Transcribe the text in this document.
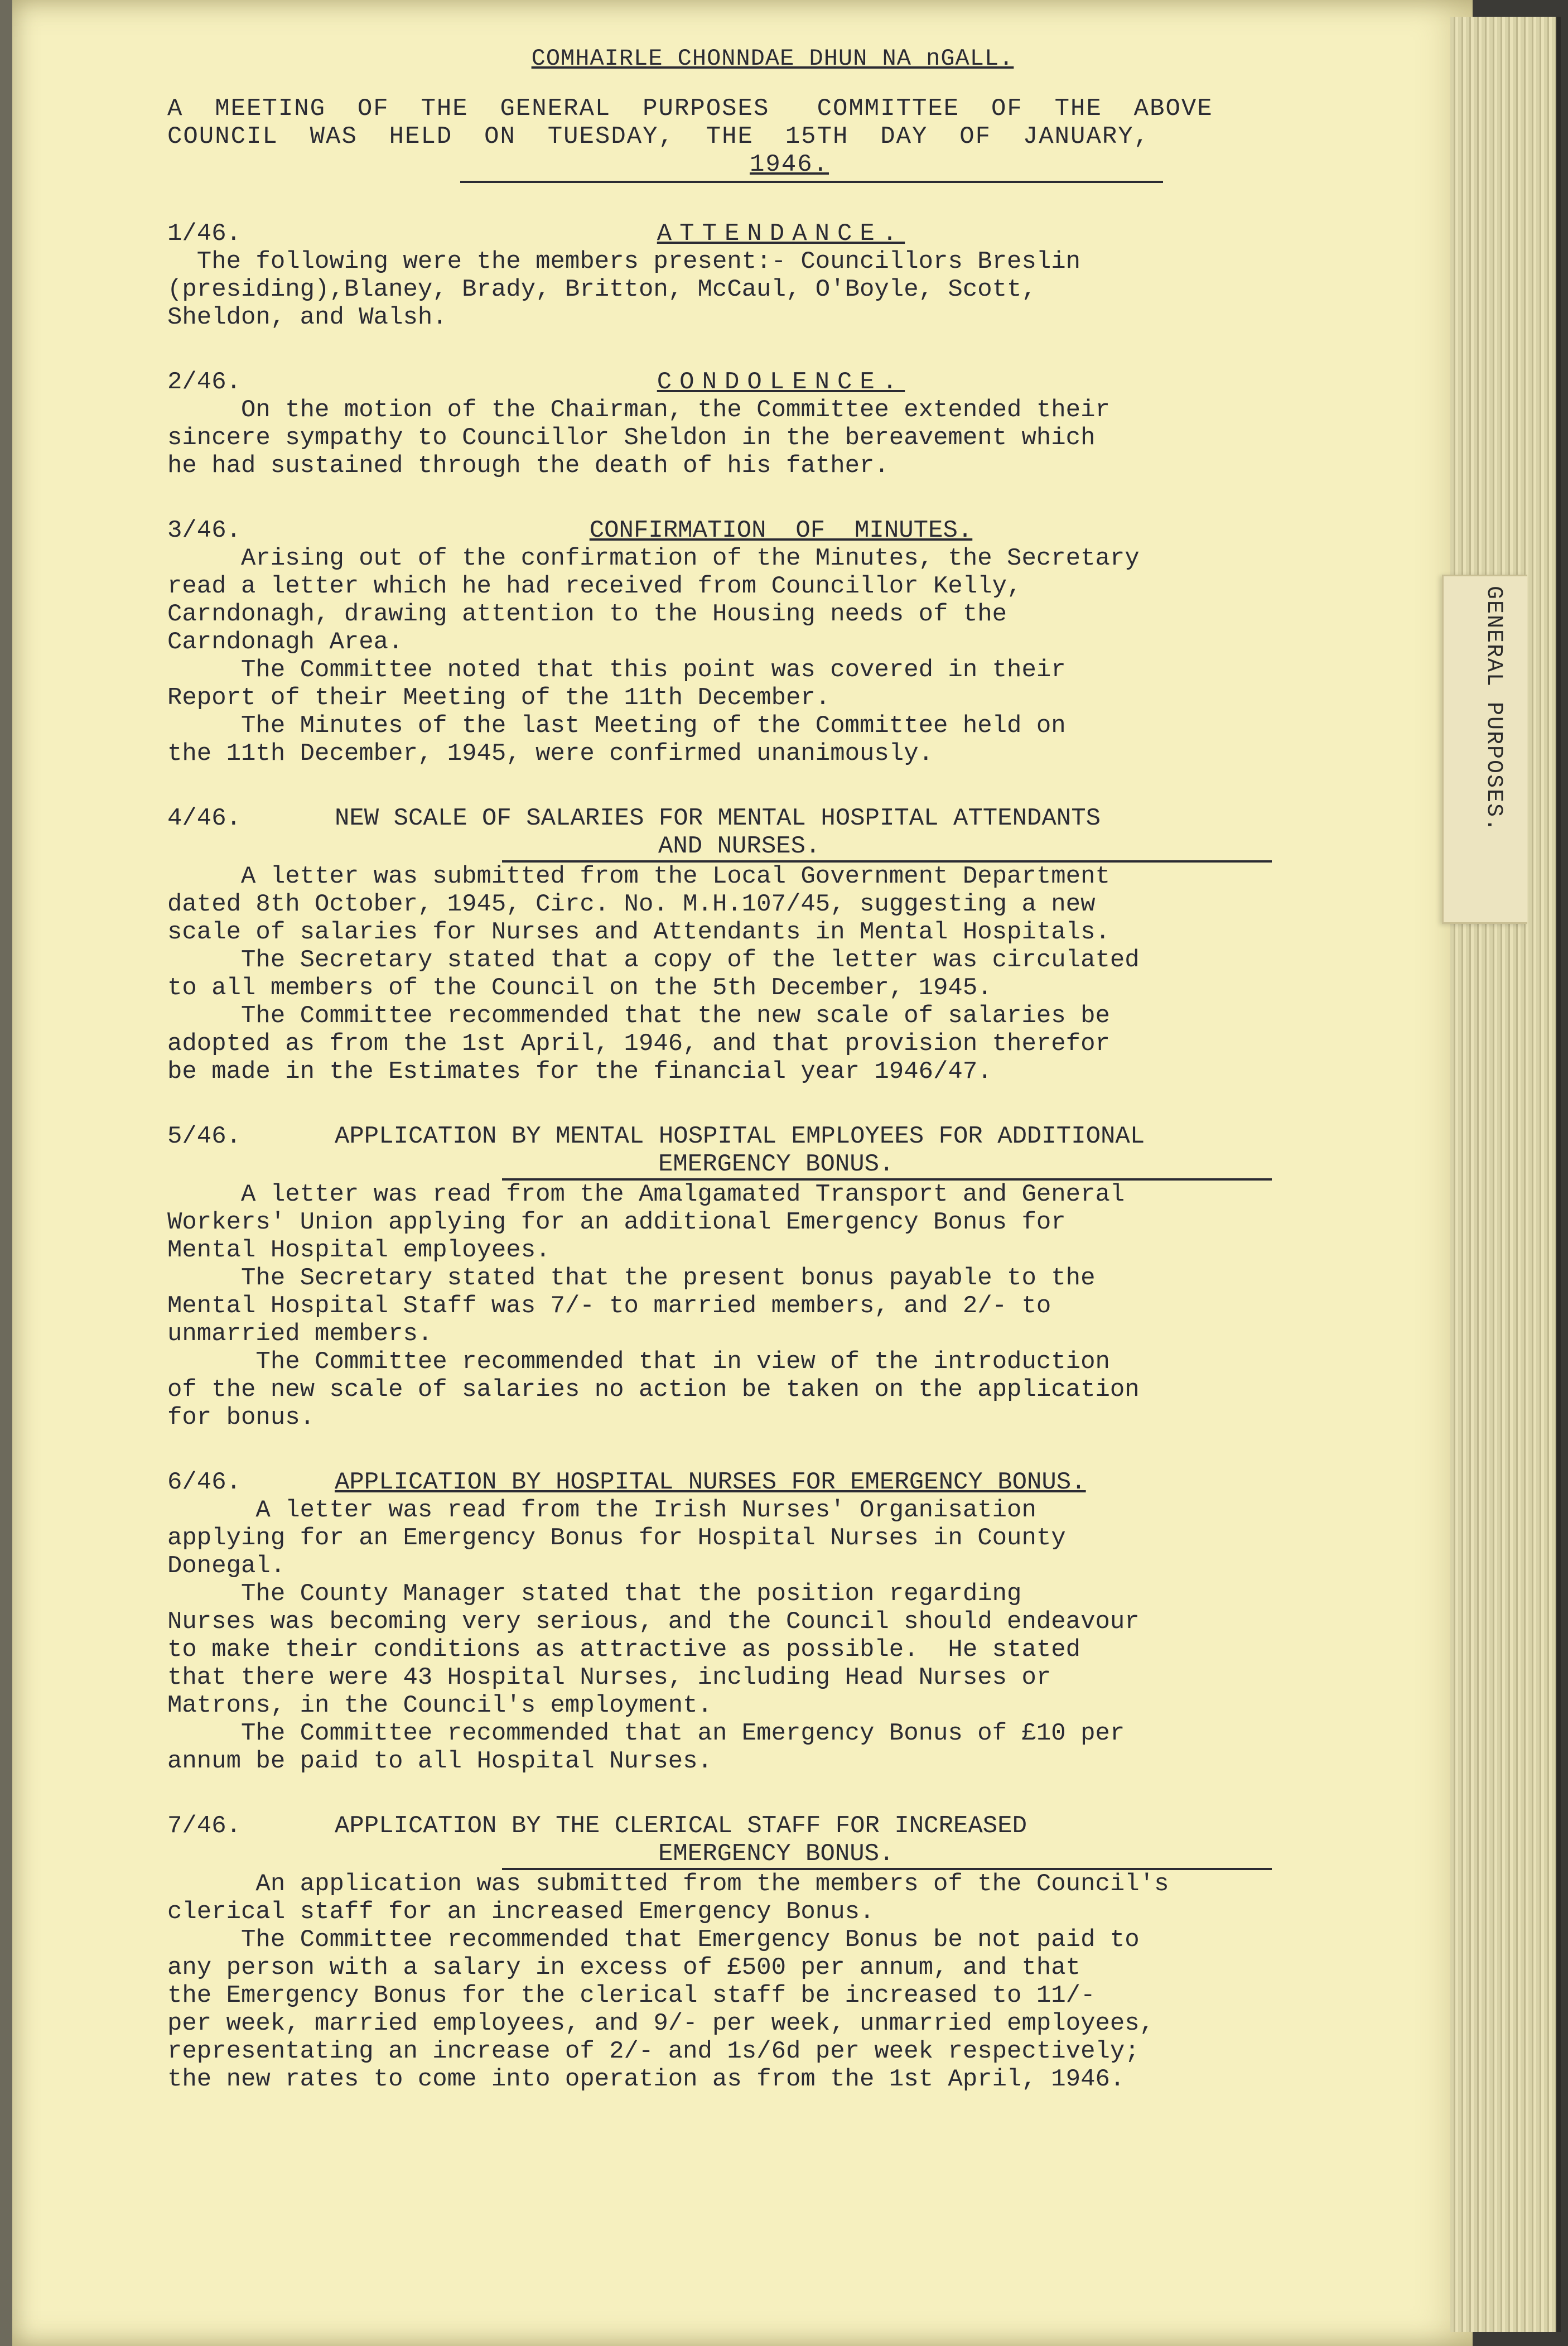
GENERAL PURPOSES.
COMHAIRLE CHONNDAE DHUN NA nGALL.
A  MEETING  OF  THE  GENERAL  PURPOSES   COMMITTEE  OF  THE  ABOVE
COUNCIL  WAS  HELD  ON  TUESDAY,  THE  15TH  DAY  OF  JANUARY,
1946.
1/46.	ATTENDANCE.

The following were the members present:- Councillors Breslin

(presiding),Blaney, Brady, Britton, McCaul, O'Boyle, Scott,

Sheldon, and Walsh.

2/46.	CONDOLENCE.

On the motion of the Chairman, the Committee extended their

sincere sympathy to Councillor Sheldon in the bereavement which

he had sustained through the death of his father.

3/46.	CONFIRMATION  OF  MINUTES.

Arising out of the confirmation of the Minutes, the Secretary

read a letter which he had received from Councillor Kelly,

Carndonagh, drawing attention to the Housing needs of the

Carndonagh Area.

The Committee noted that this point was covered in their

Report of their Meeting of the 11th December.

The Minutes of the last Meeting of the Committee held on

the 11th December, 1945, were confirmed unanimously.

4/46.	NEW SCALE OF SALARIES FOR MENTAL HOSPITAL ATTENDANTS
AND NURSES.

A letter was submitted from the Local Government Department

dated 8th October, 1945, Circ. No. M.H.107/45, suggesting a new

scale of salaries for Nurses and Attendants in Mental Hospitals.

The Secretary stated that a copy of the letter was circulated

to all members of the Council on the 5th December, 1945.

The Committee recommended that the new scale of salaries be

adopted as from the 1st April, 1946, and that provision therefor

be made in the Estimates for the financial year 1946/47.

5/46.	APPLICATION BY MENTAL HOSPITAL EMPLOYEES FOR ADDITIONAL
EMERGENCY BONUS.

A letter was read from the Amalgamated Transport and General

Workers' Union applying for an additional Emergency Bonus for

Mental Hospital employees.

The Secretary stated that the present bonus payable to the

Mental Hospital Staff was 7/- to married members, and 2/- to

unmarried members.

The Committee recommended that in view of the introduction

of the new scale of salaries no action be taken on the application

for bonus.

6/46.	APPLICATION BY HOSPITAL NURSES FOR EMERGENCY BONUS.

A letter was read from the Irish Nurses' Organisation

applying for an Emergency Bonus for Hospital Nurses in County

Donegal.

The County Manager stated that the position regarding

Nurses was becoming very serious, and the Council should endeavour

to make their conditions as attractive as possible.  He stated

that there were 43 Hospital Nurses, including Head Nurses or

Matrons, in the Council's employment.

The Committee recommended that an Emergency Bonus of £10 per

annum be paid to all Hospital Nurses.

7/46.	APPLICATION BY THE CLERICAL STAFF FOR INCREASED
EMERGENCY BONUS.

An application was submitted from the members of the Council's

clerical staff for an increased Emergency Bonus.

The Committee recommended that Emergency Bonus be not paid to

any person with a salary in excess of £500 per annum, and that

the Emergency Bonus for the clerical staff be increased to 11/-

per week, married employees, and 9/- per week, unmarried employees,

representating an increase of 2/- and 1s/6d per week respectively;

the new rates to come into operation as from the 1st April, 1946.
